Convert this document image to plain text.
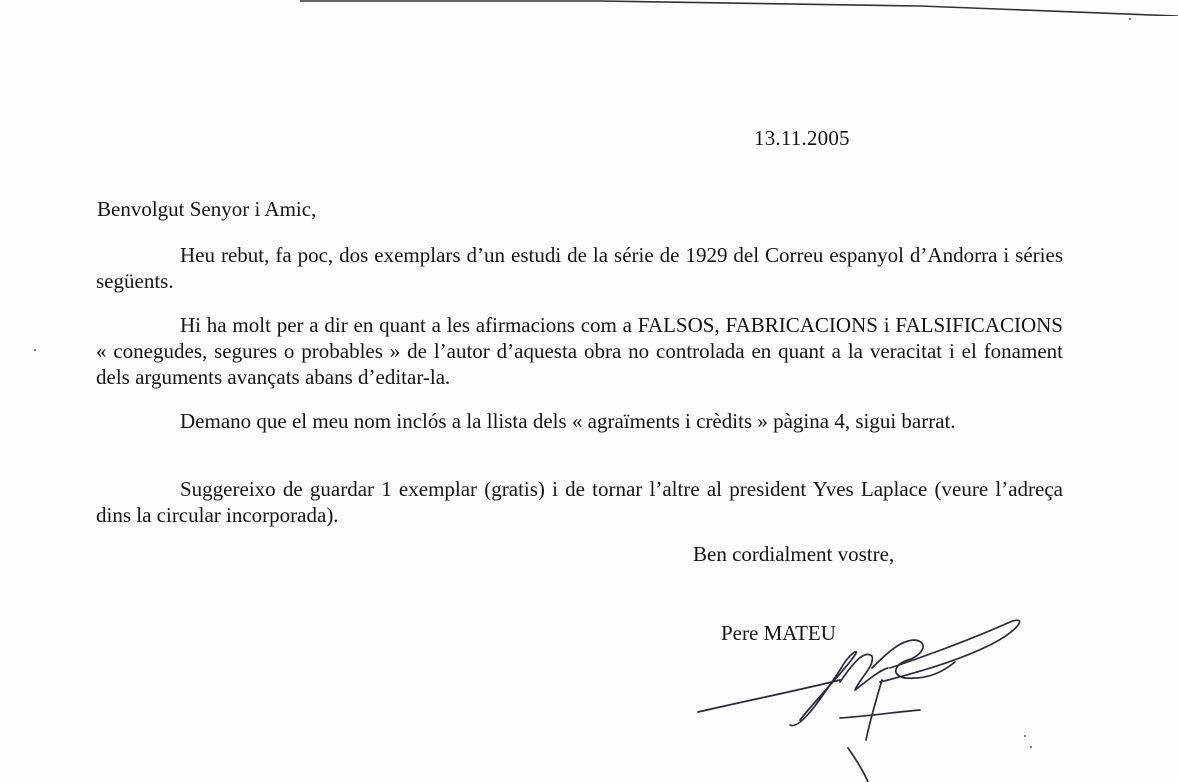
13.11.2005
Benvolgut Senyor i Amic,

Heu rebut, fa poc, dos exemplars d’un estudi de la série de 1929 del Correu espanyol d’Andorra i séries següents.

Hi ha molt per a dir en quant a les afirmacions com a FALSOS, FABRICACIONS i FALSIFICACIONS « conegudes, segures o probables » de l’autor d’aquesta obra no controlada en quant a la veracitat i el fonament dels arguments avançats abans d’editar-la.

Demano que el meu nom inclós a la llista dels « agraïments i crèdits » pàgina 4, sigui barrat.

Suggereixo de guardar 1 exemplar (gratis) i de tornar l’altre al president Yves Laplace (veure l’adreça dins la circular incorporada).

Ben cordialment vostre,
Pere MATEU
